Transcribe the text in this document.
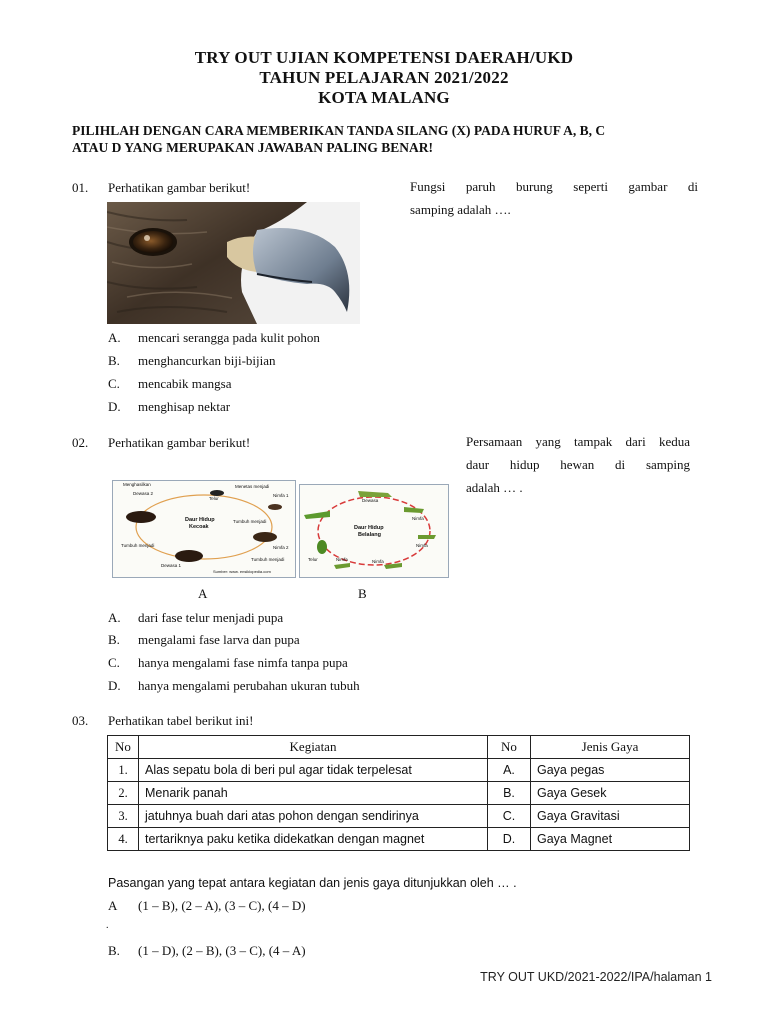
TRY OUT UJIAN KOMPETENSI DAERAH/UKD
TAHUN PELAJARAN 2021/2022
KOTA MALANG
PILIHLAH DENGAN CARA MEMBERIKAN TANDA SILANG (X) PADA HURUF A, B, C
ATAU D YANG MERUPAKAN JAWABAN PALING BENAR!
01. Perhatikan gambar berikut!	Fungsi paruh burung seperti gambar di
samping adalah ….
A. mencari serangga pada kulit pohon
B. menghancurkan biji-bijian
C. mencabik mangsa
D. menghisap nektar
02. Perhatikan gambar berikut!	Persamaan yang tampak dari kedua
daur hidup hewan di samping
adalah … .
Menghasilkan
Telur
Dewasa 2
Menetas menjadi
Nimfa 1
Tumbuh menjadi
Nimfa 2
Tumbuh menjadi
Dewasa 1
Tumbuh menjadi
Daur Hidup
Kecoak
Sumber: www. ensiklopedia.com
Dewasa
Nimfa
Nimfa
Nimfa
Telur	Nimfa
Daur Hidup
Belalang
A	B
A. dari fase telur menjadi pupa
B. mengalami fase larva dan pupa
C. hanya mengalami fase nimfa tanpa pupa
D. hanya mengalami perubahan ukuran tubuh
03. Perhatikan tabel berikut ini!
No	Kegiatan	No	Jenis Gaya
1.	Alas sepatu bola di beri pul agar tidak terpelesat	A.	Gaya pegas
2.	Menarik panah	B.	Gaya Gesek
3.	jatuhnya buah dari atas pohon dengan sendirinya	C.	Gaya Gravitasi
4.	tertariknya paku ketika didekatkan dengan magnet	D.	Gaya Magnet
Pasangan yang tepat antara kegiatan dan jenis gaya ditunjukkan oleh … .
A (1 – B), (2 – A), (3 – C), (4 – D)
.
B. (1 – D), (2 – B), (3 – C), (4 – A)
TRY OUT UKD/2021-2022/IPA/halaman 1
